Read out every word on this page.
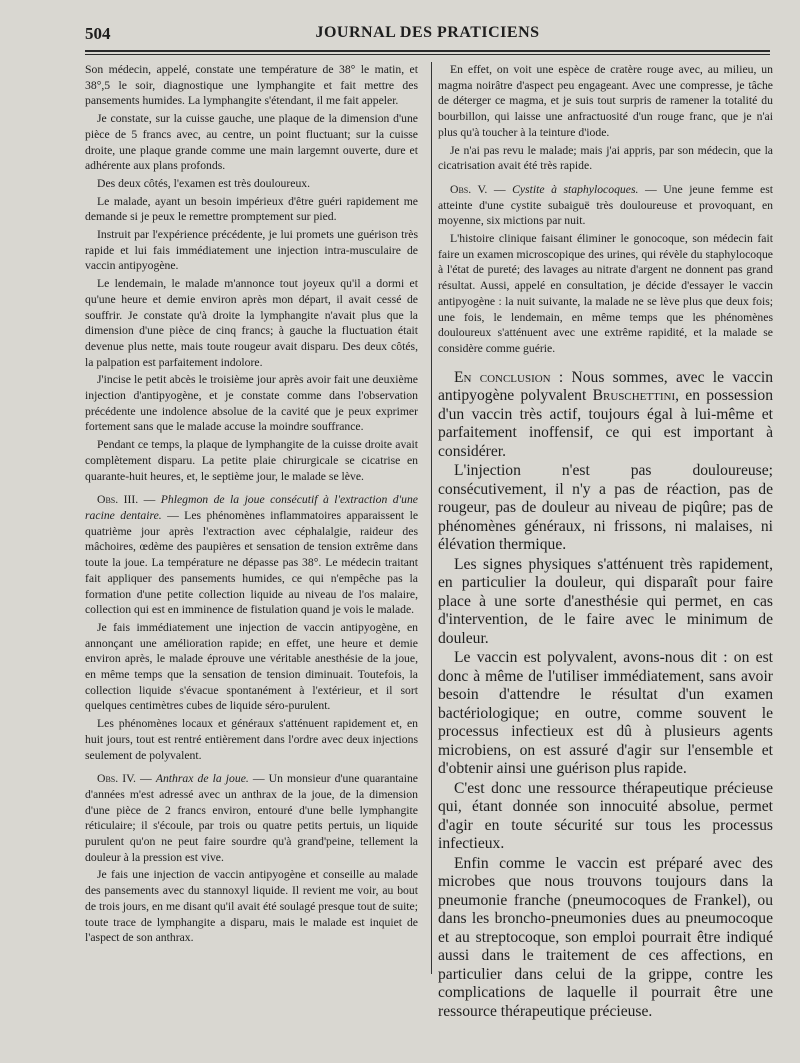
504	JOURNAL DES PRATICIENS

Son médecin, appelé, constate une température de 38° le matin, et 38°,5 le soir, diagnostique une lymphangite et fait mettre des pansements humides. La lymphangite s'étendant, il me fait appeler.

Je constate, sur la cuisse gauche, une plaque de la dimension d'une pièce de 5 francs avec, au centre, un point fluctuant; sur la cuisse droite, une plaque grande comme une main largemnt ouverte, dure et adhérente aux plans profonds.

Des deux côtés, l'examen est très douloureux.

Le malade, ayant un besoin impérieux d'être guéri rapidement me demande si je peux le remettre promptement sur pied.

Instruit par l'expérience précédente, je lui promets une guérison très rapide et lui fais immédiatement une injection intra-musculaire de vaccin antipyogène.

Le lendemain, le malade m'annonce tout joyeux qu'il a dormi et qu'une heure et demie environ après mon départ, il avait cessé de souffrir. Je constate qu'à droite la lymphangite n'avait plus que la dimension d'une pièce de cinq francs; à gauche la fluctuation était devenue plus nette, mais toute rougeur avait disparu. Des deux côtés, la palpation est parfaitement indolore.

J'incise le petit abcès le troisième jour après avoir fait une deuxième injection d'antipyogène, et je constate comme dans l'observation précédente une indolence absolue de la cavité que je peux exprimer fortement sans que le malade accuse la moindre souffrance.

Pendant ce temps, la plaque de lymphangite de la cuisse droite avait complètement disparu. La petite plaie chirurgicale se cicatrise en quarante-huit heures, et, le septième jour, le malade se lève.

Obs. III. — Phlegmon de la joue consécutif à l'extraction d'une racine dentaire. — Les phénomènes inflammatoires apparaissent le quatrième jour après l'extraction avec céphalalgie, raideur des mâchoires, œdème des paupières et sensation de tension extrême dans toute la joue. La température ne dépasse pas 38°. Le médecin traitant fait appliquer des pansements humides, ce qui n'empêche pas la formation d'une petite collection liquide au niveau de l'os malaire, collection qui est en imminence de fistulation quand je vois le malade.

Je fais immédiatement une injection de vaccin antipyogène, en annonçant une amélioration rapide; en effet, une heure et demie environ après, le malade éprouve une véritable anesthésie de la joue, en même temps que la sensation de tension diminuait. Toutefois, la collection liquide s'évacue spontanément à l'extérieur, et il sort quelques centimètres cubes de liquide séro-purulent.

Les phénomènes locaux et généraux s'atténuent rapidement et, en huit jours, tout est rentré entièrement dans l'ordre avec deux injections seulement de polyvalent.

Obs. IV. — Anthrax de la joue. — Un monsieur d'une quarantaine d'années m'est adressé avec un anthrax de la joue, de la dimension d'une pièce de 2 francs environ, entouré d'une belle lymphangite réticulaire; il s'écoule, par trois ou quatre petits pertuis, un liquide purulent qu'on ne peut faire sourdre qu'à grand'peine, tellement la douleur à la pression est vive.

Je fais une injection de vaccin antipyogène et conseille au malade des pansements avec du stannoxyl liquide. Il revient me voir, au bout de trois jours, en me disant qu'il avait été soulagé presque tout de suite; toute trace de lymphangite a disparu, mais le malade est inquiet de l'aspect de son anthrax.

En effet, on voit une espèce de cratère rouge avec, au milieu, un magma noirâtre d'aspect peu engageant. Avec une compresse, je tâche de déterger ce magma, et je suis tout surpris de ramener la totalité du bourbillon, qui laisse une anfractuosité d'un rouge franc, que je n'ai plus qu'à toucher à la teinture d'iode.

Je n'ai pas revu le malade; mais j'ai appris, par son médecin, que la cicatrisation avait été très rapide.

Obs. V. — Cystite à staphylocoques. — Une jeune femme est atteinte d'une cystite subaiguë très douloureuse et provoquant, en moyenne, six mictions par nuit.

L'histoire clinique faisant éliminer le gonocoque, son médecin fait faire un examen microscopique des urines, qui révèle du staphylocoque à l'état de pureté; des lavages au nitrate d'argent ne donnent pas grand résultat. Aussi, appelé en consultation, je décide d'essayer le vaccin antipyogène : la nuit suivante, la malade ne se lève plus que deux fois; une fois, le lendemain, en même temps que les phénomènes douloureux s'atténuent avec une extrême rapidité, et la malade se considère comme guérie.

En conclusion : Nous sommes, avec le vaccin antipyogène polyvalent Bruschettini, en possession d'un vaccin très actif, toujours égal à lui-même et parfaitement inoffensif, ce qui est important à considérer.

L'injection n'est pas douloureuse; consécutivement, il n'y a pas de réaction, pas de rougeur, pas de douleur au niveau de piqûre; pas de phénomènes généraux, ni frissons, ni malaises, ni élévation thermique.

Les signes physiques s'atténuent très rapidement, en particulier la douleur, qui disparaît pour faire place à une sorte d'anesthésie qui permet, en cas d'intervention, de le faire avec le minimum de douleur.

Le vaccin est polyvalent, avons-nous dit : on est donc à même de l'utiliser immédiatement, sans avoir besoin d'attendre le résultat d'un examen bactériologique; en outre, comme souvent le processus infectieux est dû à plusieurs agents microbiens, on est assuré d'agir sur l'ensemble et d'obtenir ainsi une guérison plus rapide.

C'est donc une ressource thérapeutique précieuse qui, étant donnée son innocuité absolue, permet d'agir en toute sécurité sur tous les processus infectieux.

Enfin comme le vaccin est préparé avec des microbes que nous trouvons toujours dans la pneumonie franche (pneumocoques de Frankel), ou dans les broncho-pneumonies dues au pneumocoque et au streptocoque, son emploi pourrait être indiqué aussi dans le traitement de ces affections, en particulier dans celui de la grippe, contre les complications de laquelle il pourrait être une ressource thérapeutique précieuse.
